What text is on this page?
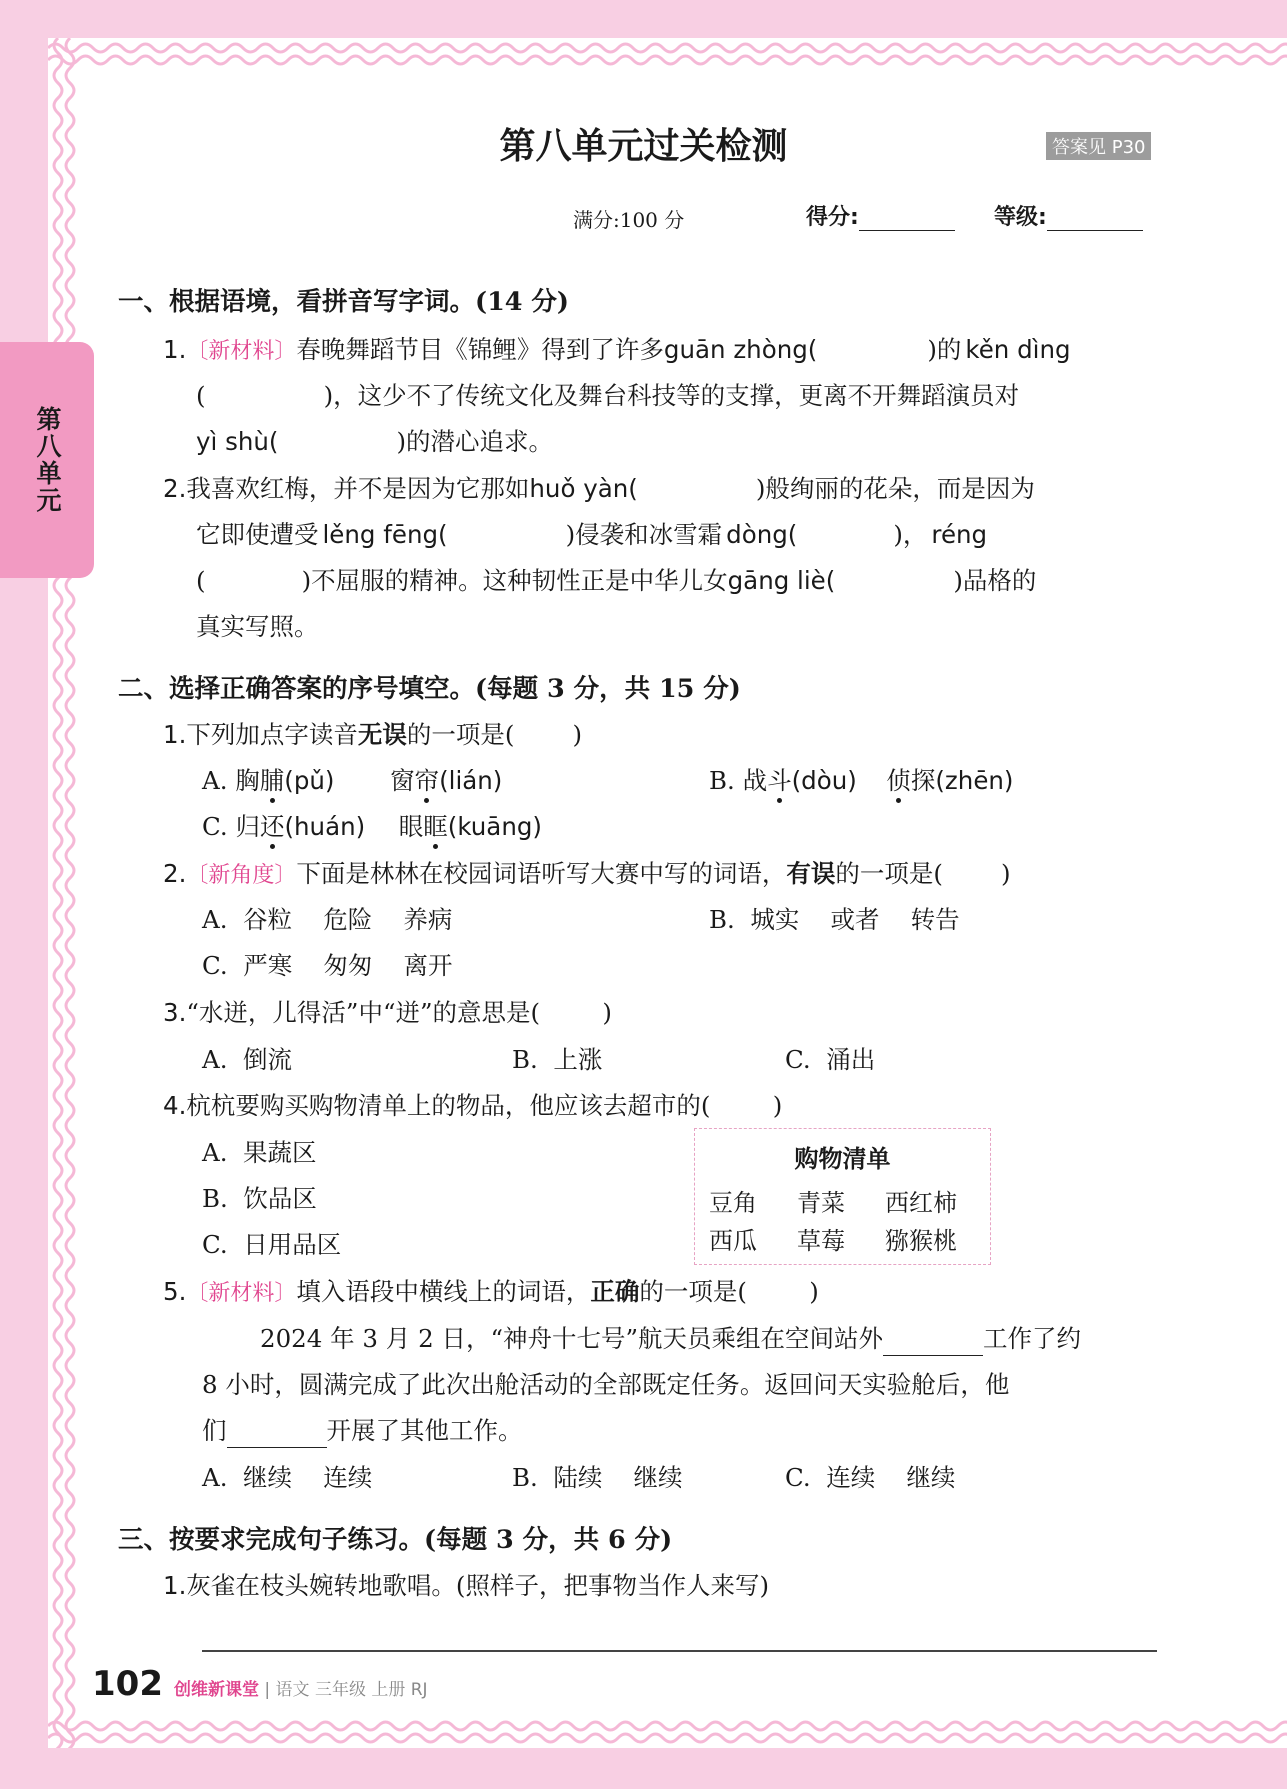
第八单元
第八单元过关检测	答案见 P30
满分:100 分	得分:	等级:
一、根据语境，看拼音写字词。(14 分)
1.〔新材料〕春晚舞蹈节目《锦鲤》得到了许多guān zhòng(	)的 kěn dìng
(	)，这少不了传统文化及舞台科技等的支撑，更离不开舞蹈演员对
yì shù(	)的潜心追求。
2.我喜欢红梅，并不是因为它那如huǒ yàn(	)般绚丽的花朵，而是因为
它即使遭受 lěng fēng(	)侵袭和冰雪霜 dòng(	)， réng
(	)不屈服的精神。这种韧性正是中华儿女gāng liè(	)品格的
真实写照。
二、选择正确答案的序号填空。(每题 3 分，共 15 分)
1.下列加点字读音无误的一项是( )
A. 胸脯(pǔ) 窗帘(lián)	B. 战斗(dòu) 侦探(zhēn)
C. 归还(huán) 眼眶(kuāng)
2.〔新角度〕下面是林林在校园词语听写大赛中写的词语，有误的一项是( )
A.  谷粒    危险    养病	B.  城实    或者    转告
C.  严寒    匆匆    离开
3.“水迸，儿得活”中“迸”的意思是(        )
A.  倒流	B.  上涨	C.  涌出
4.杭杭要购买购物清单上的物品，他应该去超市的(        )
A.  果蔬区
B.  饮品区
C.  日用品区
购物清单
豆角	青菜	西红柿
西瓜	草莓	猕猴桃
5.〔新材料〕填入语段中横线上的词语，正确的一项是(        )
2024 年 3 月 2 日，“神舟十七号”航天员乘组在空间站外	工作了约
8 小时，圆满完成了此次出舱活动的全部既定任务。返回问天实验舱后，他
们	开展了其他工作。
A.  继续    连续	B.  陆续    继续	C.  连续    继续
三、按要求完成句子练习。(每题 3 分，共 6 分)
1.灰雀在枝头婉转地歌唱。(照样子，把事物当作人来写)
102 创维新课堂 | 语文 三年级 上册 RJ
